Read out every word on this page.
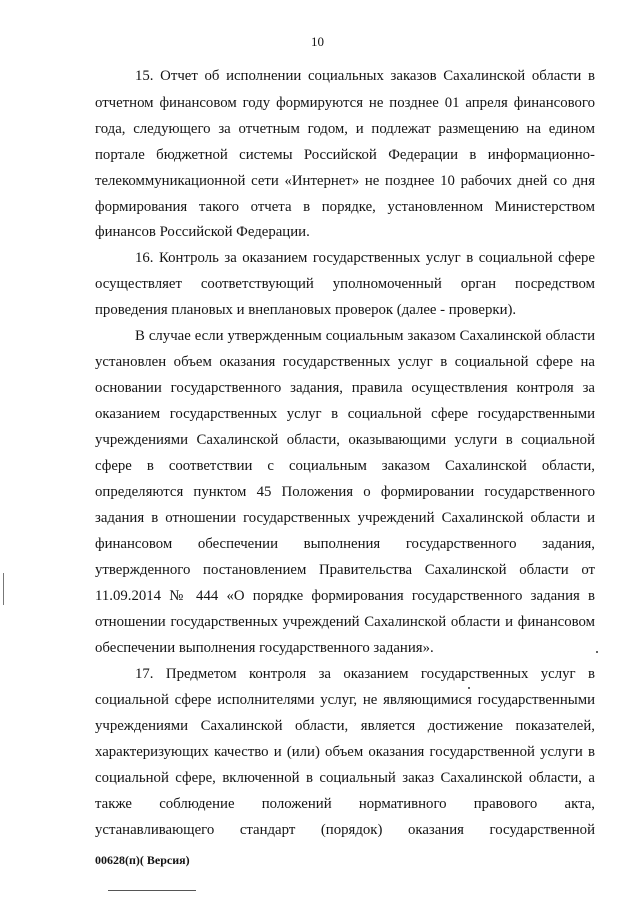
10
15. Отчет об исполнении социальных заказов Сахалинской области в
отчетном финансовом году формируются не позднее 01 апреля финансового
года, следующего за отчетным годом, и подлежат размещению на едином
портале бюджетной системы Российской Федерации в информационно-
телекоммуникационной сети «Интернет» не позднее 10 рабочих дней со дня
формирования такого отчета в порядке, установленном Министерством
финансов Российской Федерации.
16. Контроль за оказанием государственных услуг в социальной сфере
осуществляет соответствующий уполномоченный орган посредством
проведения плановых и внеплановых проверок (далее - проверки).
В случае если утвержденным социальным заказом Сахалинской области
установлен объем оказания государственных услуг в социальной сфере на
основании государственного задания, правила осуществления контроля за
оказанием государственных услуг в социальной сфере государственными
учреждениями Сахалинской области, оказывающими услуги в социальной
сфере в соответствии с социальным заказом Сахалинской области,
определяются пунктом 45 Положения о формировании государственного
задания в отношении государственных учреждений Сахалинской области и
финансовом обеспечении выполнения государственного задания,
утвержденного постановлением Правительства Сахалинской области от
11.09.2014 № 444 «О порядке формирования государственного задания в
отношении государственных учреждений Сахалинской области и финансовом
обеспечении выполнения государственного задания».
17. Предметом контроля за оказанием государственных услуг в
социальной сфере исполнителями услуг, не являющимися государственными
учреждениями Сахалинской области, является достижение показателей,
характеризующих качество и (или) объем оказания государственной услуги в
социальной сфере, включенной в социальный заказ Сахалинской области, а
также соблюдение положений нормативного правового акта,
устанавливающего стандарт (порядок) оказания государственной
00628(п)( Версия)
